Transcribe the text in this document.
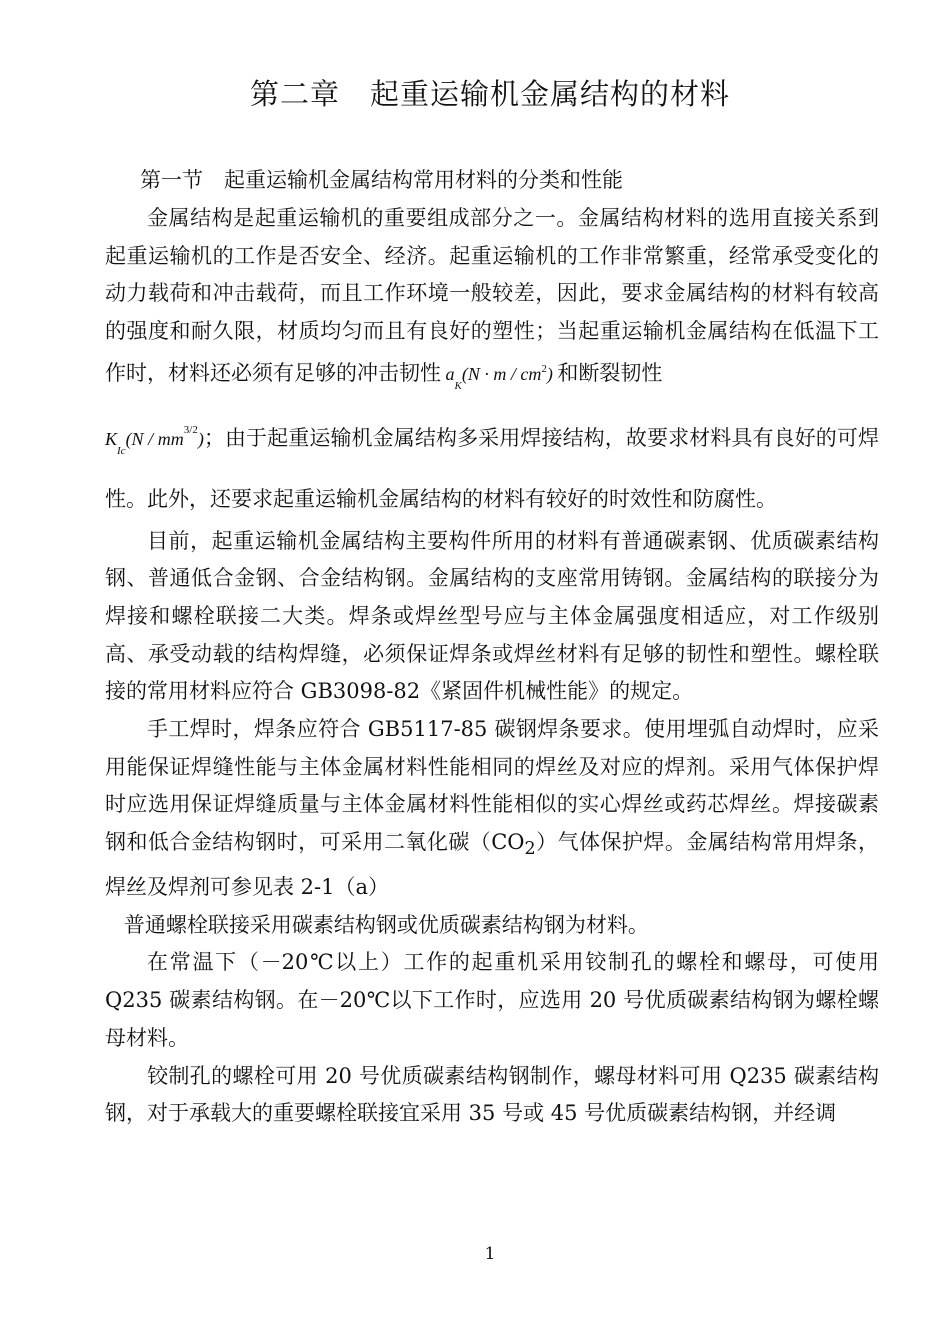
第二章　起重运输机金属结构的材料
第一节　起重运输机金属结构常用材料的分类和性能

金属结构是起重运输机的重要组成部分之一。金属结构材料的选用直接关系到起重运输机的工作是否安全、经济。起重运输机的工作非常繁重，经常承受变化的动力载荷和冲击载荷，而且工作环境一般较差，因此，要求金属结构的材料有较高的强度和耐久限，材质均匀而且有良好的塑性；当起重运输机金属结构在低温下工作时，材料还必须有足够的冲击韧性 $a_K(N \cdot m / cm^2)$ 和断裂韧性

$K_{Ic}(N / mm^{3/2})$；由于起重运输机金属结构多采用焊接结构，故要求材料具有良好的可焊性。此外，还要求起重运输机金属结构的材料有较好的时效性和防腐性。

目前，起重运输机金属结构主要构件所用的材料有普通碳素钢、优质碳素结构钢、普通低合金钢、合金结构钢。金属结构的支座常用铸钢。金属结构的联接分为焊接和螺栓联接二大类。焊条或焊丝型号应与主体金属强度相适应，对工作级别高、承受动载的结构焊缝，必须保证焊条或焊丝材料有足够的韧性和塑性。螺栓联接的常用材料应符合 GB3098-82《紧固件机械性能》的规定。

手工焊时，焊条应符合 GB5117-85 碳钢焊条要求。使用埋弧自动焊时，应采用能保证焊缝性能与主体金属材料性能相同的焊丝及对应的焊剂。采用气体保护焊时应选用保证焊缝质量与主体金属材料性能相似的实心焊丝或药芯焊丝。焊接碳素钢和低合金结构钢时，可采用二氧化碳$(CO_2)$气体保护焊。金属结构常用焊条，焊丝及焊剂可参见表 2-1（a）

普通螺栓联接采用碳素结构钢或优质碳素结构钢为材料。

在常温下（－20℃以上）工作的起重机采用铰制孔的螺栓和螺母，可使用 Q235 碳素结构钢。在－20℃以下工作时，应选用 20 号优质碳素结构钢为螺栓螺母材料。

铰制孔的螺栓可用 20 号优质碳素结构钢制作，螺母材料可用 Q235 碳素结构钢，对于承载大的重要螺栓联接宜采用 35 号或 45 号优质碳素结构钢，并经调

1
